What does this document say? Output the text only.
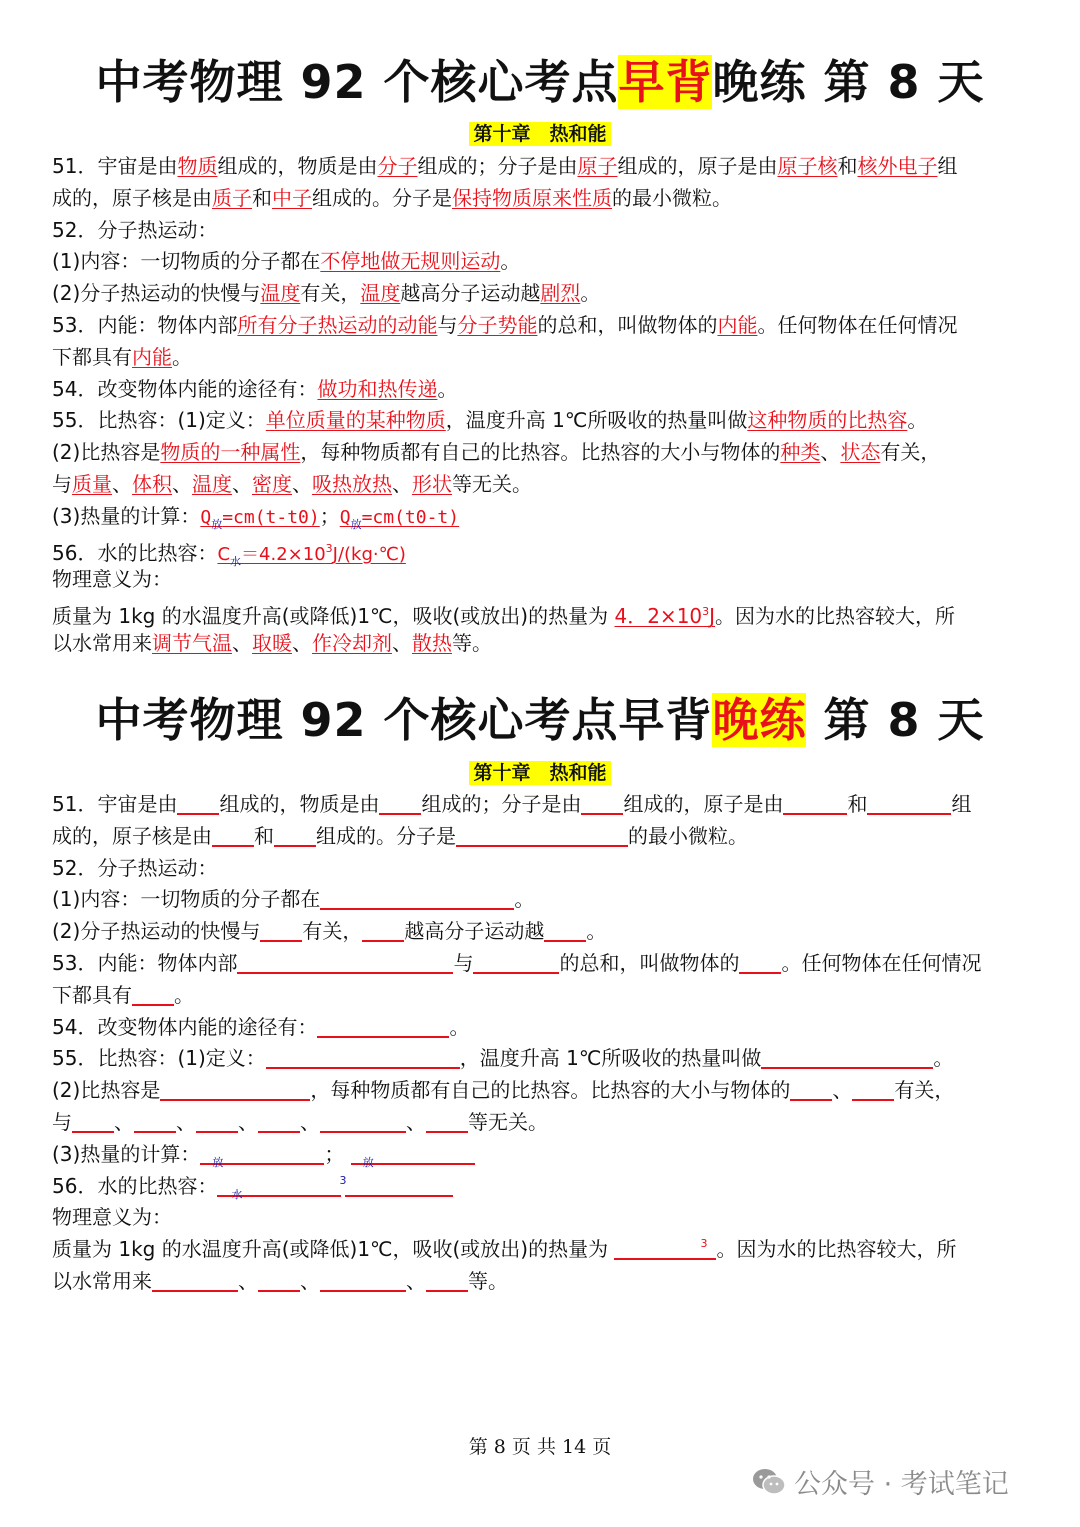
中考物理 92 个核心考点早背晚练 第 8 天
第十章　热和能
51．宇宙是由物质组成的，物质是由分子组成的；分子是由原子组成的，原子是由原子核和核外电子组
成的，原子核是由质子和中子组成的。分子是保持物质原来性质的最小微粒。
52．分子热运动：
(1)内容：一切物质的分子都在不停地做无规则运动。
(2)分子热运动的快慢与温度有关，温度越高分子运动越剧烈。
53．内能：物体内部所有分子热运动的动能与分子势能的总和，叫做物体的内能。任何物体在任何情况
下都具有内能。
54．改变物体内能的途径有：做功和热传递。
55．比热容：(1)定义：单位质量的某种物质，温度升高 1℃所吸收的热量叫做这种物质的比热容。
(2)比热容是物质的一种属性，每种物质都有自己的比热容。比热容的大小与物体的种类、状态有关，
与质量、体积、温度、密度、吸热放热、形状等无关。
(3)热量的计算：$Q_放=cm(t-t0)$；$Q_放=cm(t0-t)$
56．水的比热容：$C_水=4.2\times 10^3J/(kg\cdot℃)$
物理意义为：
质量为 1kg 的水温度升高(或降低)1℃，吸收(或放出)的热量为 4．$2\times 10^3J$。因为水的比热容较大，所
以水常用来调节气温、取暖、作冷却剂、散热等。
中考物理 92 个核心考点早背晚练 第 8 天
第十章　热和能
51．宇宙是由 组成的，物质是由 组成的；分子是由 组成的，原子是由	和	组
成的，原子核是由 和 组成的。分子是	的最小微粒。
52．分子热运动：
(1)内容：一切物质的分子都在	。
(2)分子热运动的快慢与 有关， 越高分子运动越 。
53．内能：物体内部	与	的总和，叫做物体的 。任何物体在任何情况
下都具有 。
54．改变物体内能的途径有：	。
55．比热容：(1)定义：	，温度升高 1℃所吸收的热量叫做	。
(2)比热容是	，每种物质都有自己的比热容。比热容的大小与物体的 、 有关，
与 、 、 、 、	、 等无关。
(3)热量的计算： 放	； 放
56．水的比热容： 水
3
物理意义为：
质量为 1kg 的水温度升高(或降低)1℃，吸收(或放出)的热量为	3 。因为水的比热容较大，所
以水常用来	、 、	、 等。
第 8 页 共 14 页
公众号 · 考试笔记
